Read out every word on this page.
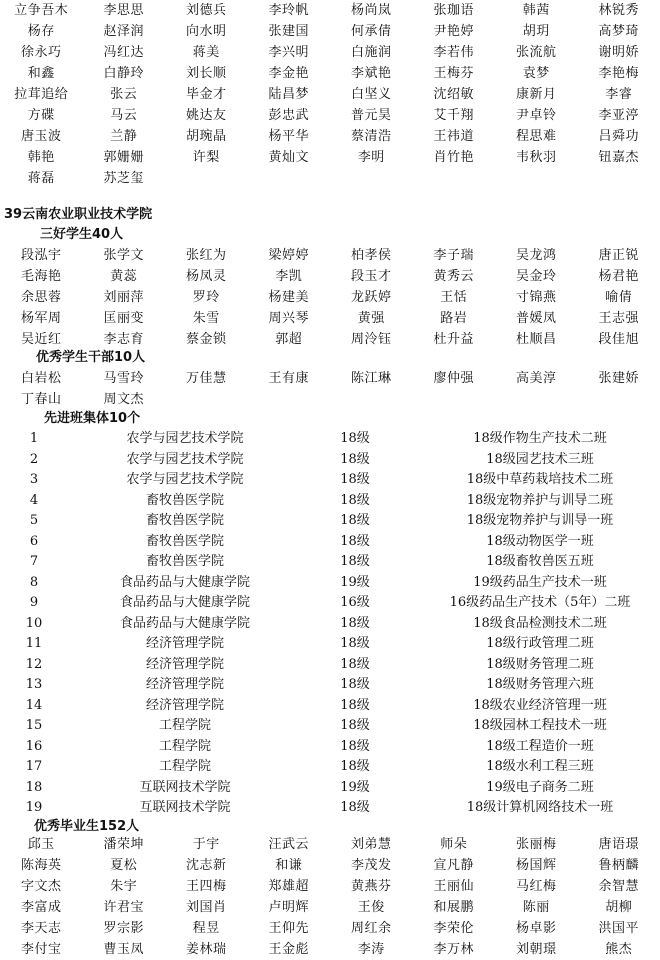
立争吾木	李思思	刘德兵	李玲帆	杨尚岚	张珈语	韩茜	林锐秀
杨存	赵泽润	向水明	张建国	何承倩	尹艳婷	胡玥	高梦琦
徐永巧	冯红达	蒋美	李兴明	白施润	李若伟	张流航	谢明娇
和鑫	白静玲	刘长顺	李金艳	李斌艳	王梅芬	袁梦	李艳梅
拉茸追给	张云	毕金才	陆昌梦	白坚义	沈绍敏	康新月	李睿
方碟	马云	姚达友	彭忠武	普元昊	艾千翔	尹卓铃	李亚渟
唐玉波	兰静	胡琬晶	杨平华	蔡清浩	王祎道	程思难	吕舜功
韩艳	郭姗姗	许梨	黄灿文	李明	肖竹艳	韦秋羽	钮嘉杰
蒋磊	苏芝玺
39云南农业职业技术学院
三好学生40人
段泓宇	张学文	张红为	梁婷婷	柏孝侯	李子瑞	吴龙鸿	唐正锐
毛海艳	黄蕊	杨凤灵	李凯	段玉才	黄秀云	吴金玲	杨君艳
余思蓉	刘丽萍	罗玲	杨建美	龙跃婷	王恬	寸锦燕	喻倩
杨军周	匡丽变	朱雪	周兴琴	黄强	路岩	普媛凤	王志强
吴近红	李志育	蔡金锁	郭超	周泠钰	杜升益	杜顺昌	段佳旭
优秀学生干部10人
白岩松	马雪玲	万佳慧	王有康	陈江琳	廖仲强	高美淳	张建娇
丁春山	周文杰
先进班集体10个
1	农学与园艺技术学院	18级	18级作物生产技术二班
2	农学与园艺技术学院	18级	18级园艺技术三班
3	农学与园艺技术学院	18级	18级中草药栽培技术二班
4	畜牧兽医学院	18级	18级宠物养护与训导二班
5	畜牧兽医学院	18级	18级宠物养护与训导一班
6	畜牧兽医学院	18级	18级动物医学一班
7	畜牧兽医学院	18级	18级畜牧兽医五班
8	食品药品与大健康学院	19级	19级药品生产技术一班
9	食品药品与大健康学院	16级	16级药品生产技术（5年）二班
10	食品药品与大健康学院	18级	18级食品检测技术二班
11	经济管理学院	18级	18级行政管理二班
12	经济管理学院	18级	18级财务管理二班
13	经济管理学院	18级	18级财务管理六班
14	经济管理学院	18级	18级农业经济管理一班
15	工程学院	18级	18级园林工程技术一班
16	工程学院	18级	18级工程造价一班
17	工程学院	18级	18级水利工程三班
18	互联网技术学院	19级	19级电子商务二班
19	互联网技术学院	18级	18级计算机网络技术一班
优秀毕业生152人
邱玉	潘荣坤	于宇	汪武云	刘弟慧	师朵	张丽梅	唐语璟
陈海英	夏松	沈志新	和谦	李茂发	宣凡静	杨国辉	鲁柄麟
字文杰	朱宇	王四梅	郑雄超	黄燕芬	王丽仙	马红梅	余智慧
李富成	许君宝	刘国肖	卢明辉	王俊	和展鹏	陈丽	胡柳
李天志	罗宗影	程昱	王仰先	周红余	李荣伦	杨卓影	洪国平
李付宝	曹玉凤	姜林瑞	王金彪	李涛	李万林	刘朝璟	熊杰
